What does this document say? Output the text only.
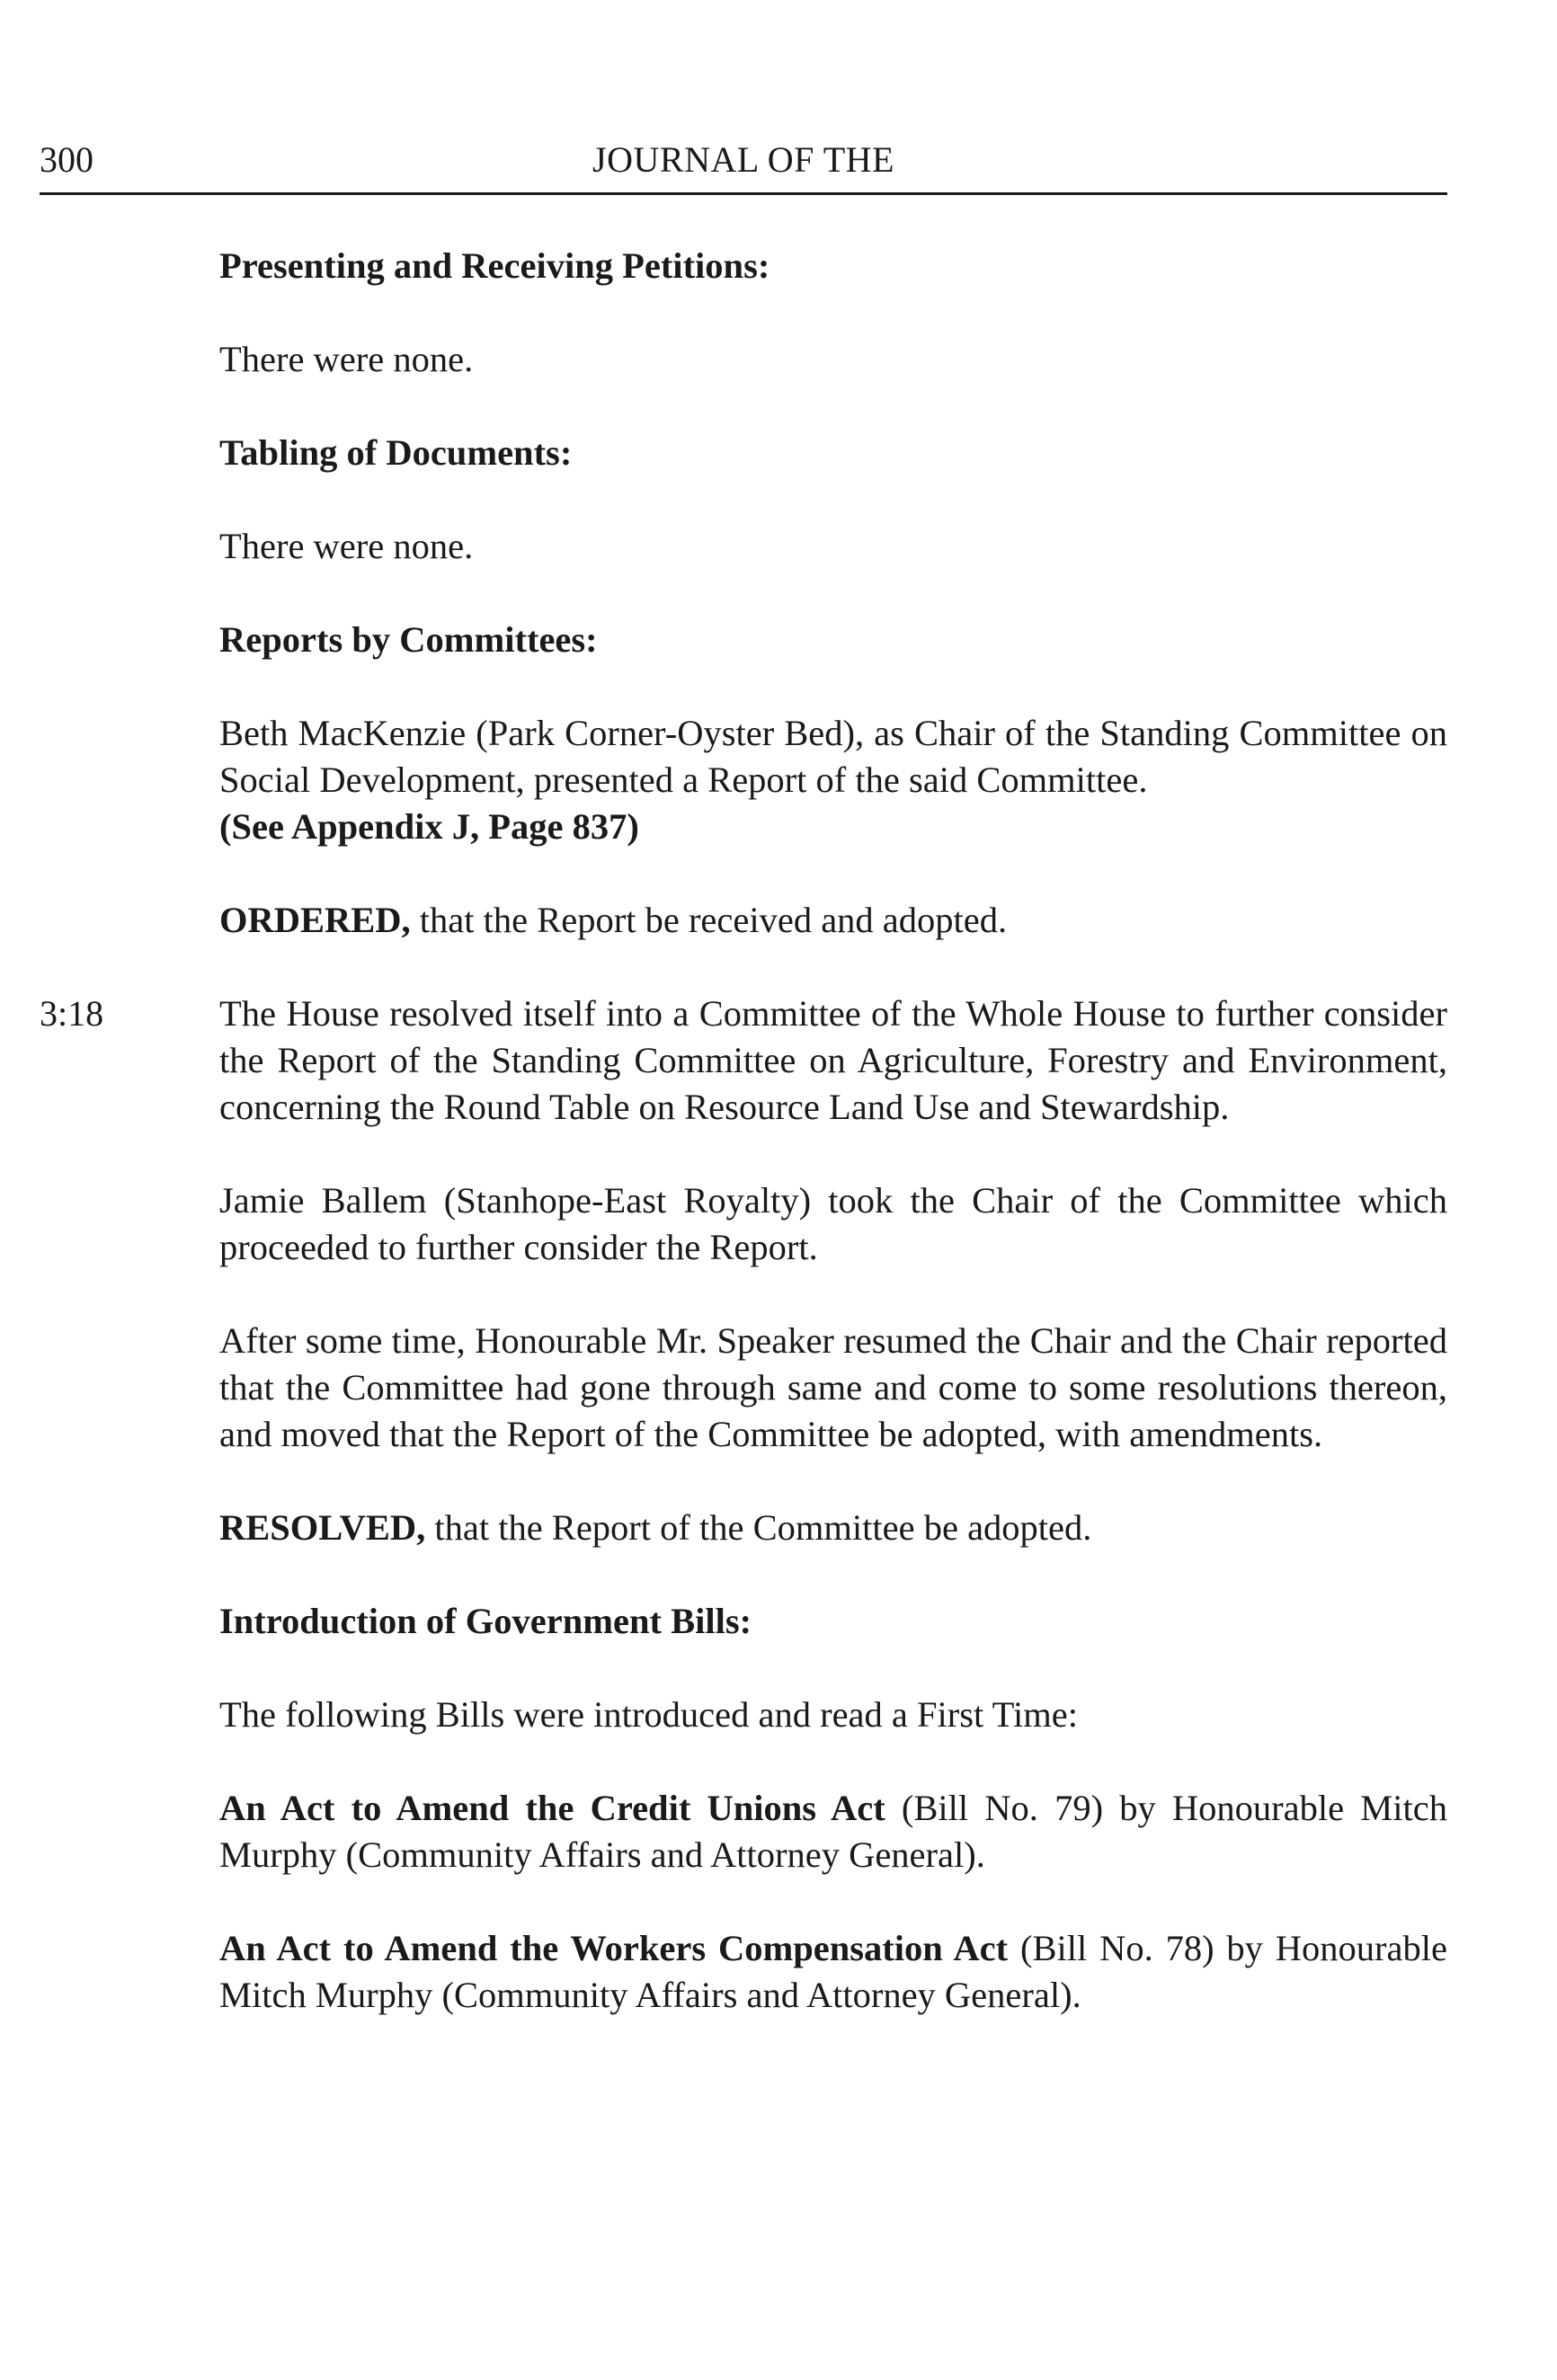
300	JOURNAL OF THE

Presenting and Receiving Petitions:

There were none.

Tabling of Documents:

There were none.

Reports by Committees:

Beth MacKenzie (Park Corner-Oyster Bed), as Chair of the Standing Committee on Social Development, presented a Report of the said Committee.
(See Appendix J, Page 837)

ORDERED, that the Report be received and adopted.

3:18	The House resolved itself into a Committee of the Whole House to further consider the Report of the Standing Committee on Agriculture, Forestry and Environment, concerning the Round Table on Resource Land Use and Stewardship.

Jamie Ballem (Stanhope-East Royalty) took the Chair of the Committee which proceeded to further consider the Report.

After some time, Honourable Mr. Speaker resumed the Chair and the Chair reported that the Committee had gone through same and come to some resolutions thereon, and moved that the Report of the Committee be adopted, with amendments.

RESOLVED, that the Report of the Committee be adopted.

Introduction of Government Bills:

The following Bills were introduced and read a First Time:

An Act to Amend the Credit Unions Act (Bill No. 79) by Honourable Mitch Murphy (Community Affairs and Attorney General).

An Act to Amend the Workers Compensation Act (Bill No. 78) by Honourable Mitch Murphy (Community Affairs and Attorney General).
